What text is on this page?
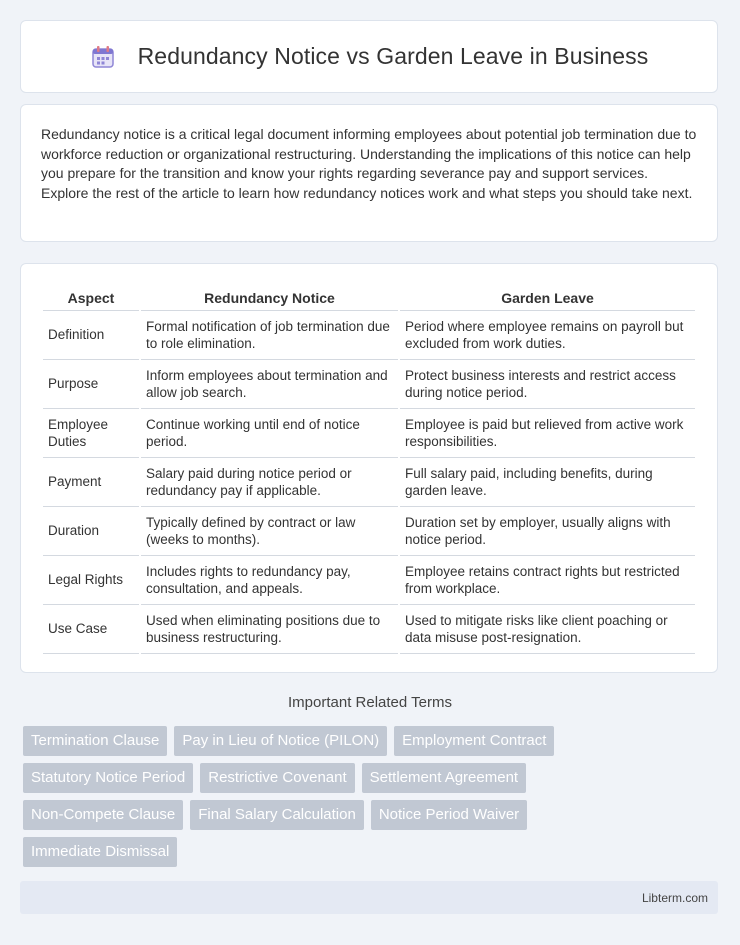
Redundancy Notice vs Garden Leave in Business

Redundancy notice is a critical legal document informing employees about potential job termination due to workforce reduction or organizational restructuring. Understanding the implications of this notice can help you prepare for the transition and know your rights regarding severance pay and support services. Explore the rest of the article to learn how redundancy notices work and what steps you should take next.

Aspect	Redundancy Notice	Garden Leave
Definition	Formal notification of job termination due to role elimination.	Period where employee remains on payroll but excluded from work duties.
Purpose	Inform employees about termination and allow job search.	Protect business interests and restrict access during notice period.
Employee Duties	Continue working until end of notice period.	Employee is paid but relieved from active work responsibilities.
Payment	Salary paid during notice period or redundancy pay if applicable.	Full salary paid, including benefits, during garden leave.
Duration	Typically defined by contract or law (weeks to months).	Duration set by employer, usually aligns with notice period.
Legal Rights	Includes rights to redundancy pay, consultation, and appeals.	Employee retains contract rights but restricted from workplace.
Use Case	Used when eliminating positions due to business restructuring.	Used to mitigate risks like client poaching or data misuse post-resignation.
Important Related Terms
Termination Clause	Pay in Lieu of Notice (PILON)	Employment Contract
Statutory Notice Period	Restrictive Covenant	Settlement Agreement
Non-Compete Clause	Final Salary Calculation	Notice Period Waiver
Immediate Dismissal
Libterm.com
